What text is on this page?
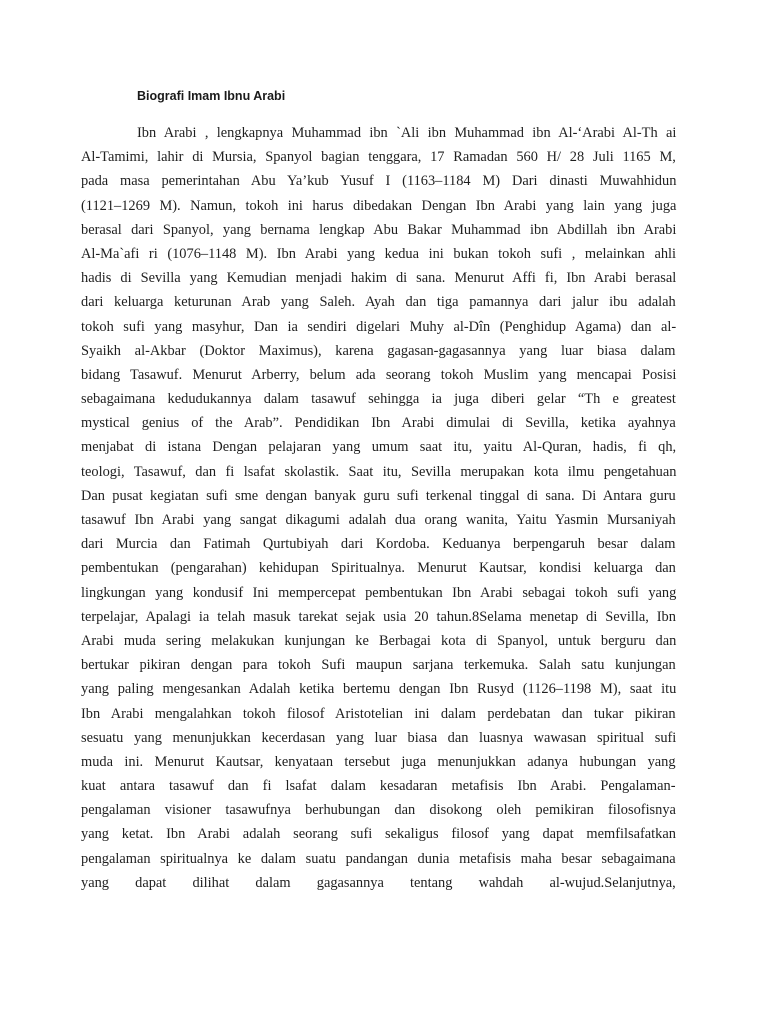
Biografi Imam Ibnu Arabi
Ibn Arabi , lengkapnya Muhammad ibn `Ali ibn Muhammad ibn Al-‘Arabi Al-Th ai
Al-Tamimi, lahir di Mursia, Spanyol bagian tenggara, 17 Ramadan 560 H/ 28 Juli 1165 M,
pada masa pemerintahan Abu Ya’kub Yusuf I (1163–1184 M) Dari dinasti Muwahhidun
(1121–1269 M). Namun, tokoh ini harus dibedakan Dengan Ibn Arabi yang lain yang juga
berasal dari Spanyol, yang bernama lengkap Abu Bakar Muhammad ibn Abdillah ibn Arabi
Al-Ma`afi ri (1076–1148 M). Ibn Arabi yang kedua ini bukan tokoh sufi , melainkan ahli
hadis di Sevilla yang Kemudian menjadi hakim di sana. Menurut Affi fi, Ibn Arabi berasal
dari keluarga keturunan Arab yang Saleh. Ayah dan tiga pamannya dari jalur ibu adalah
tokoh sufi yang masyhur, Dan ia sendiri digelari Muhy al-Dîn (Penghidup Agama) dan al-
Syaikh al-Akbar (Doktor Maximus), karena gagasan-gagasannya yang luar biasa dalam
bidang Tasawuf. Menurut Arberry, belum ada seorang tokoh Muslim yang mencapai Posisi
sebagaimana kedudukannya dalam tasawuf sehingga ia juga diberi gelar “Th e greatest
mystical genius of the Arab”. Pendidikan Ibn Arabi dimulai di Sevilla, ketika ayahnya
menjabat di istana Dengan pelajaran yang umum saat itu, yaitu Al-Quran, hadis, fi qh,
teologi, Tasawuf, dan fi lsafat skolastik. Saat itu, Sevilla merupakan kota ilmu pengetahuan
Dan pusat kegiatan sufi sme dengan banyak guru sufi terkenal tinggal di sana. Di Antara guru
tasawuf Ibn Arabi yang sangat dikagumi adalah dua orang wanita, Yaitu Yasmin Mursaniyah
dari Murcia dan Fatimah Qurtubiyah dari Kordoba. Keduanya berpengaruh besar dalam
pembentukan (pengarahan) kehidupan Spiritualnya. Menurut Kautsar, kondisi keluarga dan
lingkungan yang kondusif Ini mempercepat pembentukan Ibn Arabi sebagai tokoh sufi yang
terpelajar, Apalagi ia telah masuk tarekat sejak usia 20 tahun.8Selama menetap di Sevilla, Ibn
Arabi muda sering melakukan kunjungan ke Berbagai kota di Spanyol, untuk berguru dan
bertukar pikiran dengan para tokoh Sufi maupun sarjana terkemuka. Salah satu kunjungan
yang paling mengesankan Adalah ketika bertemu dengan Ibn Rusyd (1126–1198 M), saat itu
Ibn Arabi mengalahkan tokoh filosof Aristotelian ini dalam perdebatan dan tukar pikiran
sesuatu yang menunjukkan kecerdasan yang luar biasa dan luasnya wawasan spiritual sufi
muda ini. Menurut Kautsar, kenyataan tersebut juga menunjukkan adanya hubungan yang
kuat antara tasawuf dan fi lsafat dalam kesadaran metafisis Ibn Arabi. Pengalaman-
pengalaman visioner tasawufnya berhubungan dan disokong oleh pemikiran filosofisnya
yang ketat. Ibn Arabi adalah seorang sufi sekaligus filosof yang dapat memfilsafatkan
pengalaman spiritualnya ke dalam suatu pandangan dunia metafisis maha besar sebagaimana
yang dapat dilihat dalam gagasannya tentang wahdah al-wujud.Selanjutnya,
